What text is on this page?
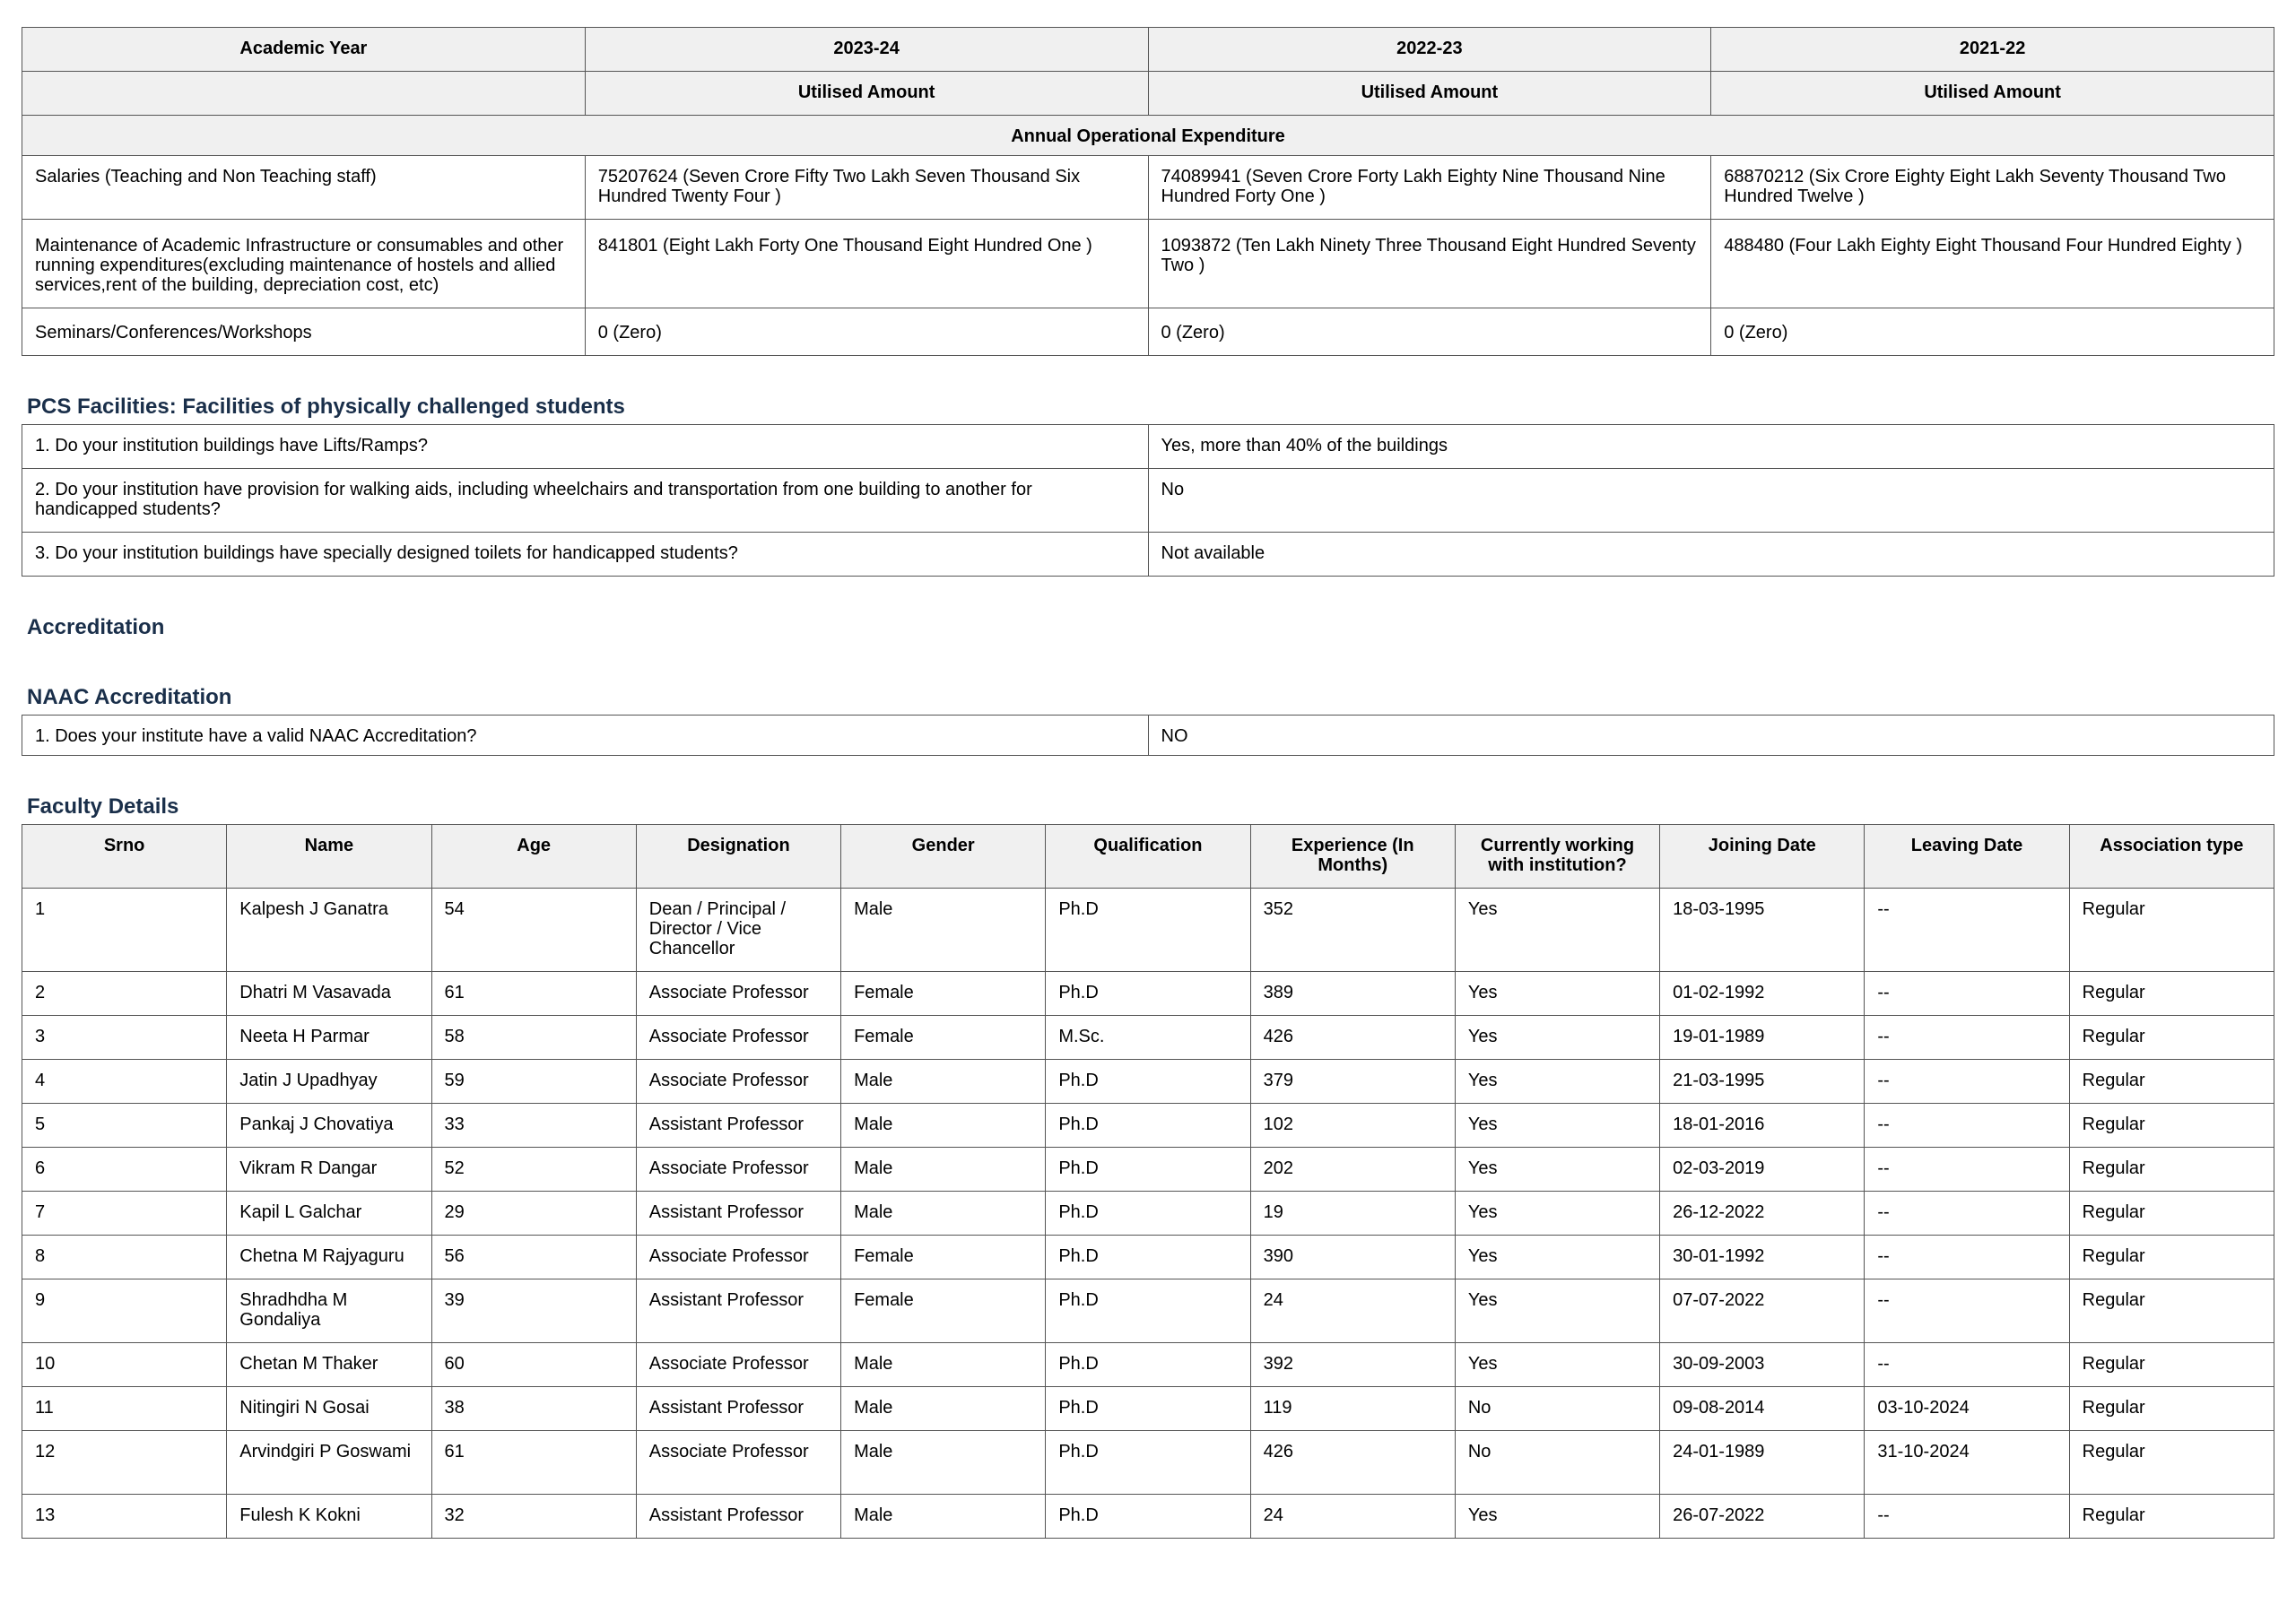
Academic Year	2023-24	2022-23	2021-22
	Utilised Amount	Utilised Amount	Utilised Amount
Annual Operational Expenditure			
Salaries (Teaching and Non Teaching staff)	75207624 (Seven Crore Fifty Two Lakh Seven Thousand Six Hundred Twenty Four )	74089941 (Seven Crore Forty Lakh Eighty Nine Thousand Nine Hundred Forty One )	68870212 (Six Crore Eighty Eight Lakh Seventy Thousand Two Hundred Twelve )
Maintenance of Academic Infrastructure or consumables and other running expenditures(excluding maintenance of hostels and allied services,rent of the building, depreciation cost, etc)	841801 (Eight Lakh Forty One Thousand Eight Hundred One )	1093872 (Ten Lakh Ninety Three Thousand Eight Hundred Seventy Two )	488480 (Four Lakh Eighty Eight Thousand Four Hundred Eighty )
Seminars/Conferences/Workshops	0 (Zero)	0 (Zero)	0 (Zero)
PCS Facilities: Facilities of physically challenged students
1. Do your institution buildings have Lifts/Ramps?	Yes, more than 40% of the buildings
2. Do your institution have provision for walking aids, including wheelchairs and transportation from one building to another for handicapped students?	No
3. Do your institution buildings have specially designed toilets for handicapped students?	Not available
Accreditation
NAAC Accreditation
1. Does your institute have a valid NAAC Accreditation?	NO
Faculty Details
Srno	Name	Age	Designation	Gender	Qualification	Experience (In Months)	Currently working with institution?	Joining Date	Leaving Date	Association type
1	Kalpesh J Ganatra	54	Dean / Principal / Director / Vice Chancellor	Male	Ph.D	352	Yes	18-03-1995	--	Regular
2	Dhatri M Vasavada	61	Associate Professor	Female	Ph.D	389	Yes	01-02-1992	--	Regular
3	Neeta H Parmar	58	Associate Professor	Female	M.Sc.	426	Yes	19-01-1989	--	Regular
4	Jatin J Upadhyay	59	Associate Professor	Male	Ph.D	379	Yes	21-03-1995	--	Regular
5	Pankaj J Chovatiya	33	Assistant Professor	Male	Ph.D	102	Yes	18-01-2016	--	Regular
6	Vikram R Dangar	52	Associate Professor	Male	Ph.D	202	Yes	02-03-2019	--	Regular
7	Kapil L Galchar	29	Assistant Professor	Male	Ph.D	19	Yes	26-12-2022	--	Regular
8	Chetna M Rajyaguru	56	Associate Professor	Female	Ph.D	390	Yes	30-01-1992	--	Regular
9	Shradhdha M Gondaliya	39	Assistant Professor	Female	Ph.D	24	Yes	07-07-2022	--	Regular
10	Chetan M Thaker	60	Associate Professor	Male	Ph.D	392	Yes	30-09-2003	--	Regular
11	Nitingiri N Gosai	38	Assistant Professor	Male	Ph.D	119	No	09-08-2014	03-10-2024	Regular
12	Arvindgiri P Goswami	61	Associate Professor	Male	Ph.D	426	No	24-01-1989	31-10-2024	Regular
13	Fulesh K Kokni	32	Assistant Professor	Male	Ph.D	24	Yes	26-07-2022	--	Regular
